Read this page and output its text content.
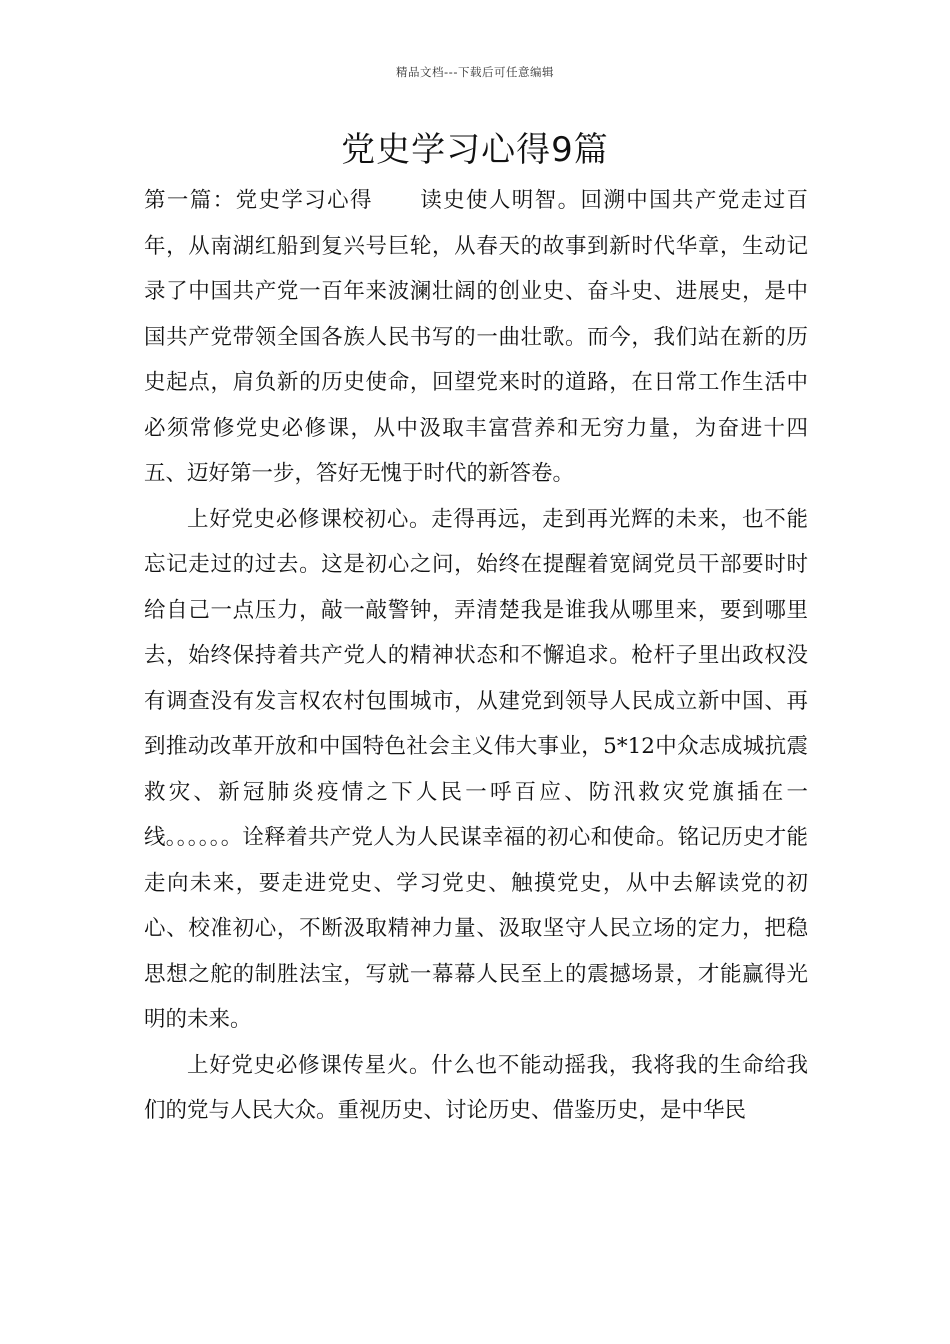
精品文档---下载后可任意编辑
党史学习心得9篇

第一篇：党史学习心得 读史使人明智。回溯中国共产党走过百年，从南湖红船到复兴号巨轮，从春天的故事到新时代华章，生动记录了中国共产党一百年来波澜壮阔的创业史、奋斗史、进展史，是中国共产党带领全国各族人民书写的一曲壮歌。而今，我们站在新的历史起点，肩负新的历史使命，回望党来时的道路，在日常工作生活中必须常修党史必修课，从中汲取丰富营养和无穷力量，为奋进十四五、迈好第一步，答好无愧于时代的新答卷。

上好党史必修课校初心。走得再远，走到再光辉的未来，也不能忘记走过的过去。这是初心之问，始终在提醒着宽阔党员干部要时时给自己一点压力，敲一敲警钟，弄清楚我是谁我从哪里来，要到哪里去，始终保持着共产党人的精神状态和不懈追求。枪杆子里出政权没有调查没有发言权农村包围城市，从建党到领导人民成立新中国、再到推动改革开放和中国特色社会主义伟大事业，5*12中众志成城抗震救灾、新冠肺炎疫情之下人民一呼百应、防汛救灾党旗插在一线。。。。。。诠释着共产党人为人民谋幸福的初心和使命。铭记历史才能走向未来，要走进党史、学习党史、触摸党史，从中去解读党的初心、校准初心，不断汲取精神力量、汲取坚守人民立场的定力，把稳思想之舵的制胜法宝，写就一幕幕人民至上的震撼场景，才能赢得光明的未来。

上好党史必修课传星火。什么也不能动摇我，我将我的生命给我们的党与人民大众。重视历史、讨论历史、借鉴历史，是中华民
